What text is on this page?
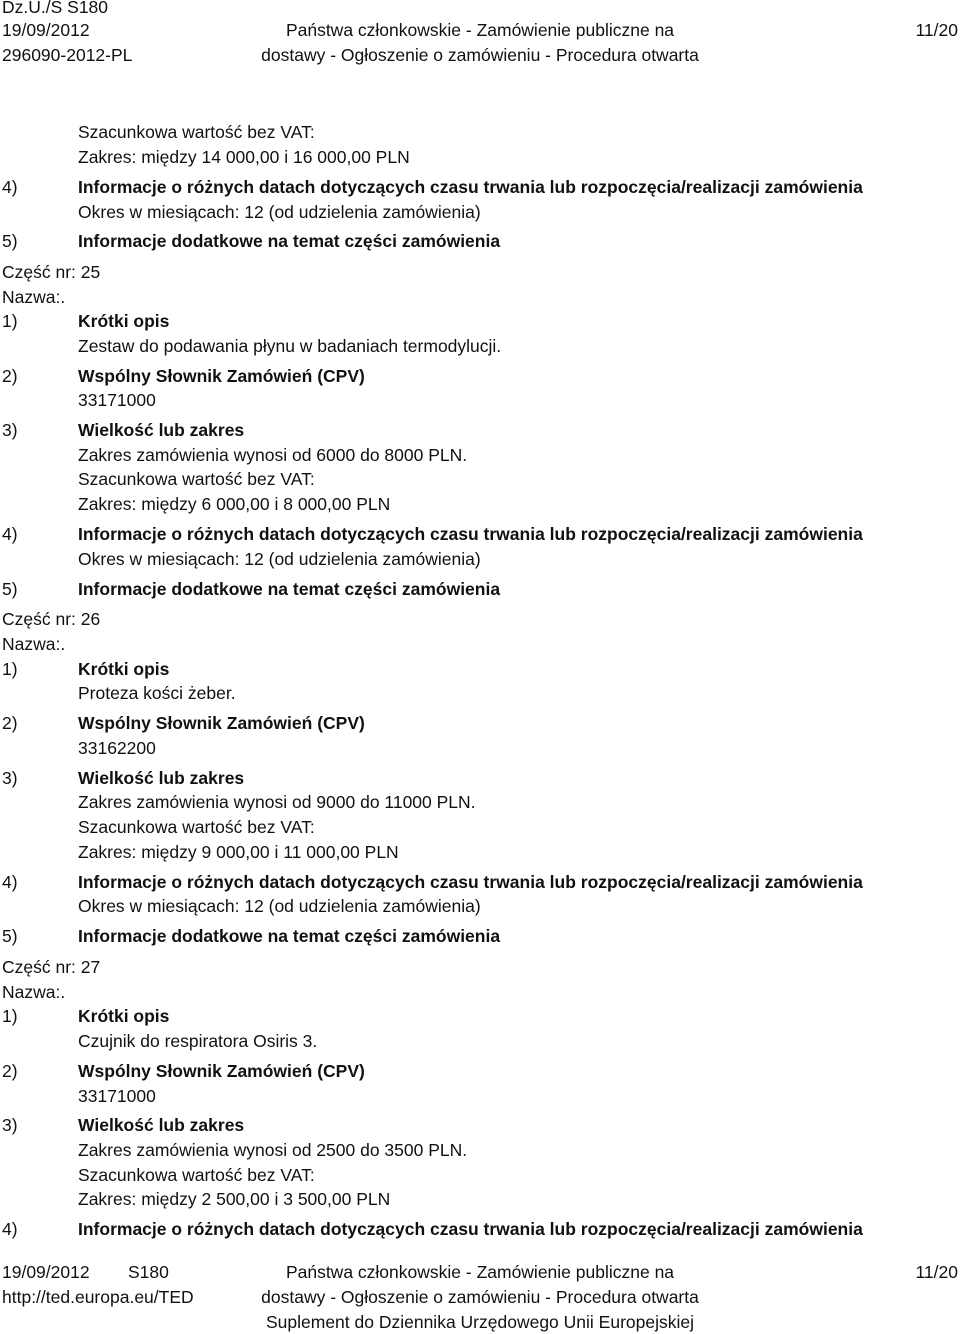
Dz.U./S S180
19/09/2012
296090-2012-PL
Państwa członkowskie - Zamówienie publiczne na
dostawy - Ogłoszenie o zamówieniu - Procedura otwarta
11/20
Szacunkowa wartość bez VAT:
Zakres: między 14 000,00 i 16 000,00 PLN
4)	Informacje o różnych datach dotyczących czasu trwania lub rozpoczęcia/realizacji zamówienia
Okres w miesiącach: 12 (od udzielenia zamówienia)
5)	Informacje dodatkowe na temat części zamówienia
Część nr: 25
Nazwa:.
1)	Krótki opis
Zestaw do podawania płynu w badaniach termodylucji.
2)	Wspólny Słownik Zamówień (CPV)
33171000
3)	Wielkość lub zakres
Zakres zamówienia wynosi od 6000 do 8000 PLN.
Szacunkowa wartość bez VAT:
Zakres: między 6 000,00 i 8 000,00 PLN
4)	Informacje o różnych datach dotyczących czasu trwania lub rozpoczęcia/realizacji zamówienia
Okres w miesiącach: 12 (od udzielenia zamówienia)
5)	Informacje dodatkowe na temat części zamówienia
Część nr: 26
Nazwa:.
1)	Krótki opis
Proteza kości żeber.
2)	Wspólny Słownik Zamówień (CPV)
33162200
3)	Wielkość lub zakres
Zakres zamówienia wynosi od 9000 do 11000 PLN.
Szacunkowa wartość bez VAT:
Zakres: między 9 000,00 i 11 000,00 PLN
4)	Informacje o różnych datach dotyczących czasu trwania lub rozpoczęcia/realizacji zamówienia
Okres w miesiącach: 12 (od udzielenia zamówienia)
5)	Informacje dodatkowe na temat części zamówienia
Część nr: 27
Nazwa:.
1)	Krótki opis
Czujnik do respiratora Osiris 3.
2)	Wspólny Słownik Zamówień (CPV)
33171000
3)	Wielkość lub zakres
Zakres zamówienia wynosi od 2500 do 3500 PLN.
Szacunkowa wartość bez VAT:
Zakres: między 2 500,00 i 3 500,00 PLN
4)	Informacje o różnych datach dotyczących czasu trwania lub rozpoczęcia/realizacji zamówienia
19/09/2012 S180
http://ted.europa.eu/TED
Państwa członkowskie - Zamówienie publiczne na
dostawy - Ogłoszenie o zamówieniu - Procedura otwarta
Suplement do Dziennika Urzędowego Unii Europejskiej
11/20
